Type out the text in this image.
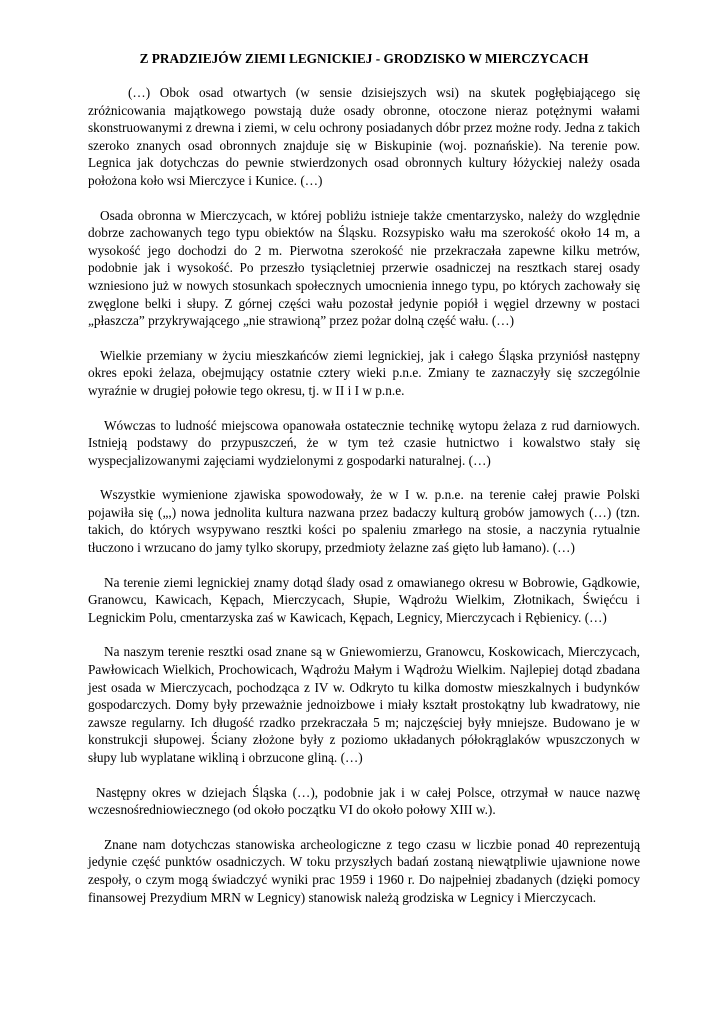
Z PRADZIEJÓW ZIEMI LEGNICKIEJ - GRODZISKO W MIERCZYCACH

(…) Obok osad otwartych (w sensie dzisiejszych wsi) na skutek pogłębiającego się zróżnicowania majątkowego powstają duże osady obronne, otoczone nieraz potężnymi wałami skonstruowanymi z drewna i ziemi, w celu ochrony posiadanych dóbr przez możne rody. Jedna z takich szeroko znanych osad obronnych znajduje się w Biskupinie (woj. poznańskie). Na terenie pow. Legnica jak dotychczas do pewnie stwierdzonych osad obronnych kultury łóżyckiej należy osada położona koło wsi Mierczyce i Kunice. (…)

Osada obronna w Mierczycach, w której pobliżu istnieje także cmentarzysko, należy do względnie dobrze zachowanych tego typu obiektów na Śląsku. Rozsypisko wału ma szerokość około 14 m, a wysokość jego dochodzi do 2 m. Pierwotna szerokość nie przekraczała zapewne kilku metrów, podobnie jak i wysokość. Po przeszło tysiącletniej przerwie osadniczej na resztkach starej osady wzniesiono już w nowych stosunkach społecznych umocnienia innego typu, po których zachowały się zwęglone belki i słupy. Z górnej części wału pozostał jedynie popiół i węgiel drzewny w postaci „płaszcza” przykrywającego „nie strawioną” przez pożar dolną część wału. (…)

Wielkie przemiany w życiu mieszkańców ziemi legnickiej, jak i całego Śląska przyniósł następny okres epoki żelaza, obejmujący ostatnie cztery wieki p.n.e. Zmiany te zaznaczyły się szczególnie wyraźnie w drugiej połowie tego okresu, tj. w II i I w p.n.e.

Wówczas to ludność miejscowa opanowała ostatecznie technikę wytopu żelaza z rud darniowych. Istnieją podstawy do przypuszczeń, że w tym też czasie hutnictwo i kowalstwo stały się wyspecjalizowanymi zajęciami wydzielonymi z gospodarki naturalnej. (…)

Wszystkie wymienione zjawiska spowodowały, że w I w. p.n.e. na terenie całej prawie Polski pojawiła się („,) nowa jednolita kultura nazwana przez badaczy kulturą grobów jamowych (…) (tzn. takich, do których wsypywano resztki kości po spaleniu zmarłego na stosie, a naczynia rytualnie tłuczono i wrzucano do jamy tylko skorupy, przedmioty żelazne zaś gięto lub łamano). (…)

Na terenie ziemi legnickiej znamy dotąd ślady osad z omawianego okresu w Bobrowie, Gądkowie, Granowcu, Kawicach, Kępach, Mierczycach, Słupie, Wądrożu Wielkim, Złotnikach, Święćcu i Legnickim Polu, cmentarzyska zaś w Kawicach, Kępach, Legnicy, Mierczycach i Rębienicy. (…)

Na naszym terenie resztki osad znane są w Gniewomierzu, Granowcu, Koskowicach, Mierczycach, Pawłowicach Wielkich, Prochowicach, Wądrożu Małym i Wądrożu Wielkim. Najlepiej dotąd zbadana jest osada w Mierczycach, pochodząca z IV w. Odkryto tu kilka domostw mieszkalnych i budynków gospodarczych. Domy były przeważnie jednoizbowe i miały kształt prostokątny lub kwadratowy, nie zawsze regularny. Ich długość rzadko przekraczała 5 m; najczęściej były mniejsze. Budowano je w konstrukcji słupowej. Ściany złożone były z poziomo układanych półokrąglaków wpuszczonych w słupy lub wyplatane wikliną i obrzucone gliną. (…)

Następny okres w dziejach Śląska (…), podobnie jak i w całej Polsce, otrzymał w nauce nazwę wczesnośredniowiecznego (od około początku VI do około połowy XIII w.).

Znane nam dotychczas stanowiska archeologiczne z tego czasu w liczbie ponad 40 reprezentują jedynie część punktów osadniczych. W toku przyszłych badań zostaną niewątpliwie ujawnione nowe zespoły, o czym mogą świadczyć wyniki prac 1959 i 1960 r. Do najpełniej zbadanych (dzięki pomocy finansowej Prezydium MRN w Legnicy) stanowisk należą grodziska w Legnicy i Mierczycach.
